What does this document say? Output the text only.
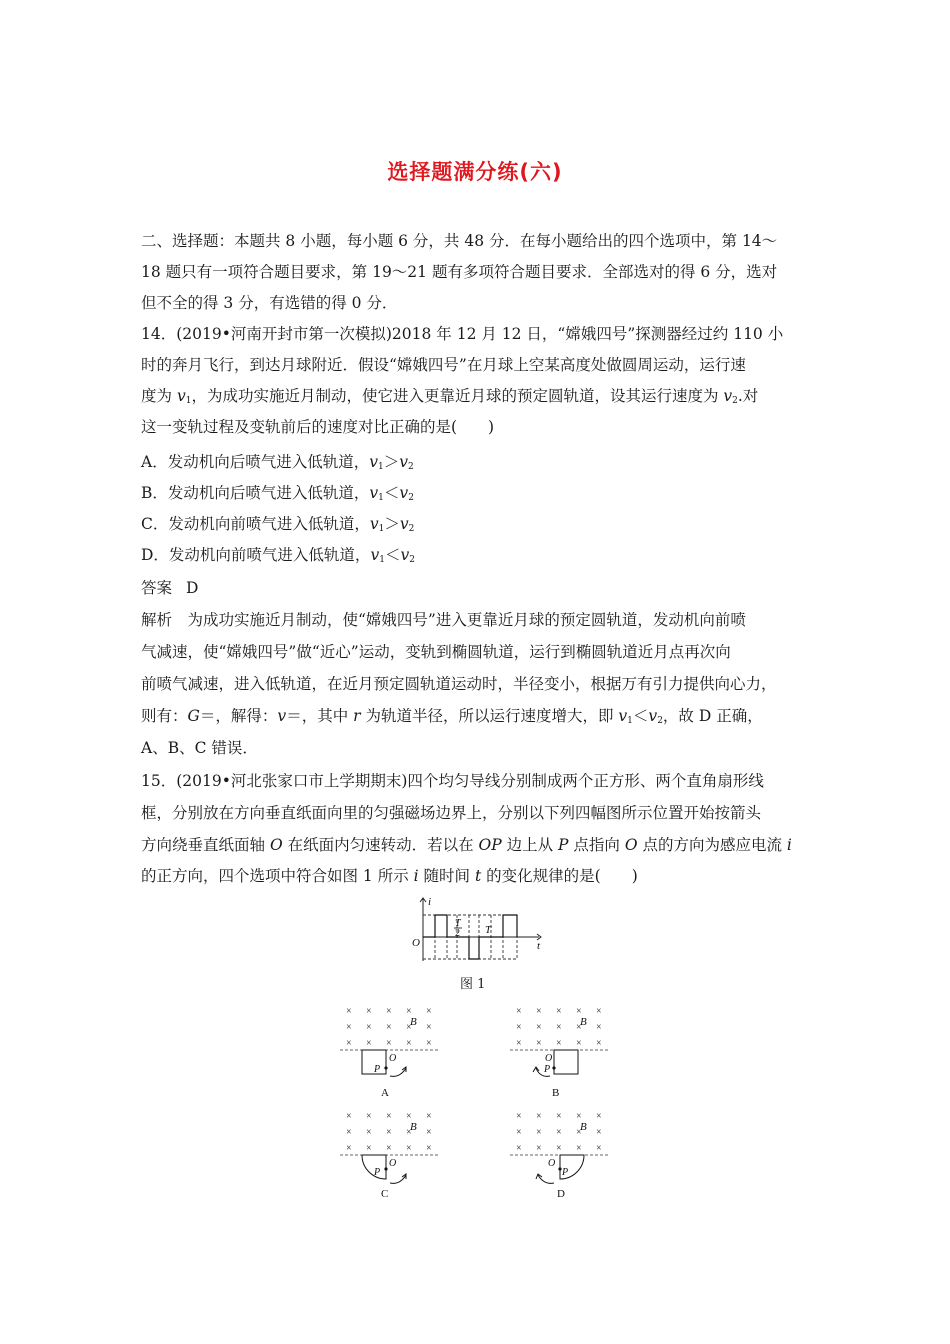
选择题满分练(六)
二、选择题：本题共 8 小题，每小题 6 分，共 48 分．在每小题给出的四个选项中，第 14～
18 题只有一项符合题目要求，第 19～21 题有多项符合题目要求．全部选对的得 6 分，选对
但不全的得 3 分，有选错的得 0 分．
14．(2019•河南开封市第一次模拟)2018 年 12 月 12 日，“嫦娥四号”探测器经过约 110 小
时的奔月飞行，到达月球附近．假设“嫦娥四号”在月球上空某高度处做圆周运动，运行速
度为 $v_1$，为成功实施近月制动，使它进入更靠近月球的预定圆轨道，设其运行速度为 $v_2$.对
这一变轨过程及变轨前后的速度对比正确的是(　　)
A．发动机向后喷气进入低轨道，$v_1>v_2$
B．发动机向后喷气进入低轨道，$v_1<v_2$
C．发动机向前喷气进入低轨道，$v_1>v_2$
D．发动机向前喷气进入低轨道，$v_1<v_2$
答案 D
解析　为成功实施近月制动，使“嫦娥四号”进入更靠近月球的预定圆轨道，发动机向前喷
气减速，使“嫦娥四号”做“近心”运动，变轨到椭圆轨道，运行到椭圆轨道近月点再次向
前喷气减速，进入低轨道，在近月预定圆轨道运动时，半径变小，根据万有引力提供向心力，
则有：G＝，解得：v＝，其中 r 为轨道半径，所以运行速度增大，即 $v_1<v_2$，故 D 正确，
A、B、C 错误．
15．(2019•河北张家口市上学期期末)四个均匀导线分别制成两个正方形、两个直角扇形线
框，分别放在方向垂直纸面向里的匀强磁场边界上，分别以下列四幅图所示位置开始按箭头
方向绕垂直纸面轴 O 在纸面内匀速转动．若以在 OP 边上从 P 点指向 O 点的方向为感应电流 i
的正方向，四个选项中符合如图 1 所示 i 随时间 t 的变化规律的是(　　)
i
t
O
T
2 T
图 1
× × × × ×
× × × × ×
× × × × ×
B
O
P
A
× × × × ×
× × × × ×
× × × × ×
B
O
P
B
× × × × ×
× × × × ×
× × × × ×
B
O
P
C
× × × × ×
× × × × ×
× × × × ×
B
O
P
D
